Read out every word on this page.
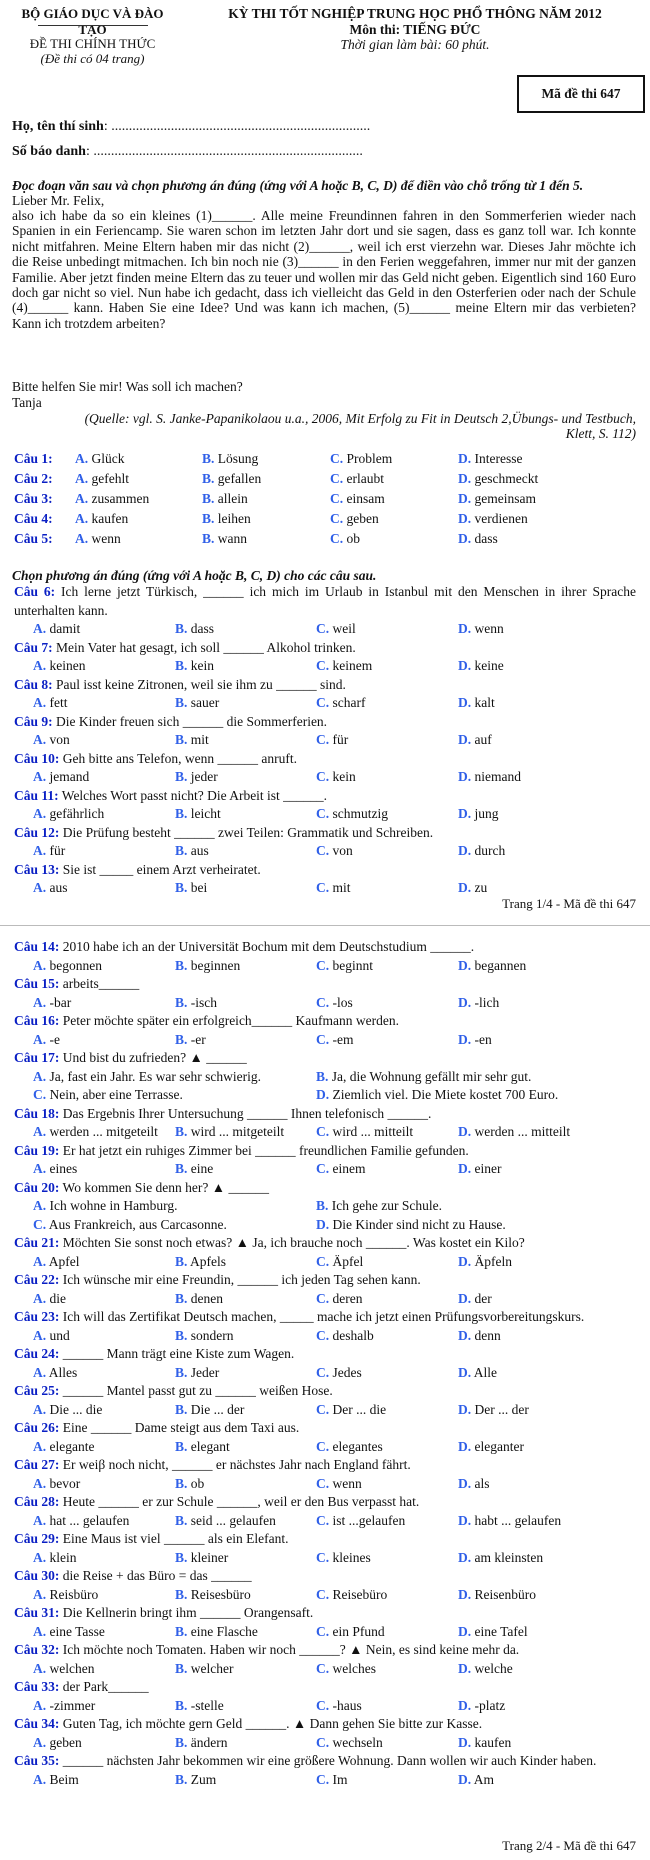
BỘ GIÁO DỤC VÀ ĐÀO TẠO
ĐỀ THI CHÍNH THỨC
(Đề thi có 04 trang)
KỲ THI TỐT NGHIỆP TRUNG HỌC PHỔ THÔNG NĂM 2012
Môn thi: TIẾNG ĐỨC
Thời gian làm bài: 60 phút.
Mã đề thi 647
Họ, tên thí sinh: ..........................................................................
Số báo danh: .............................................................................
Đọc đoạn văn sau và chọn phương án đúng (ứng với A hoặc B, C, D) để điền vào chỗ trống từ 1 đến 5.
Lieber Mr. Felix,
also ich habe da so ein kleines (1)______. Alle meine Freundinnen fahren in den Sommerferien wieder nach Spanien in ein Feriencamp. Sie waren schon im letzten Jahr dort und sie sagen, dass es ganz toll war. Ich konnte nicht mitfahren. Meine Eltern haben mir das nicht (2)______, weil ich erst vierzehn war. Dieses Jahr möchte ich die Reise unbedingt mitmachen. Ich bin noch nie (3)______ in den Ferien weggefahren, immer nur mit der ganzen Familie. Aber jetzt finden meine Eltern das zu teuer und wollen mir das Geld nicht geben. Eigentlich sind 160 Euro doch gar nicht so viel. Nun habe ich gedacht, dass ich vielleicht das Geld in den Osterferien oder nach der Schule (4)______ kann. Haben Sie eine Idee? Und was kann ich machen, (5)______ meine Eltern mir das verbieten? Kann ich trotzdem arbeiten?
Bitte helfen Sie mir! Was soll ich machen?
Tanja
(Quelle: vgl. S. Janke-Papanikolaou u.a., 2006, Mit Erfolg zu Fit in Deutsch 2,Übungs- und Testbuch, Klett, S. 112)
Câu 1: A. Glück	B. Lösung	C. Problem	D. Interesse
Câu 2: A. gefehlt	B. gefallen	C. erlaubt	D. geschmeckt
Câu 3: A. zusammen	B. allein	C. einsam	D. gemeinsam
Câu 4: A. kaufen	B. leihen	C. geben	D. verdienen
Câu 5: A. wenn	B. wann	C. ob	D. dass
Chọn phương án đúng (ứng với A hoặc B, C, D) cho các câu sau.
Câu 6: Ich lerne jetzt Türkisch, ______ ich mich im Urlaub in Istanbul mit den Menschen in ihrer Sprache unterhalten kann.
A. damit	B. dass	C. weil	D. wenn
Câu 7: Mein Vater hat gesagt, ich soll ______ Alkohol trinken.
A. keinen	B. kein	C. keinem	D. keine
Câu 8: Paul isst keine Zitronen, weil sie ihm zu ______ sind.
A. fett	B. sauer	C. scharf	D. kalt
Câu 9: Die Kinder freuen sich ______ die Sommerferien.
A. von	B. mit	C. für	D. auf
Câu 10: Geh bitte ans Telefon, wenn ______ anruft.
A. jemand	B. jeder	C. kein	D. niemand
Câu 11: Welches Wort passt nicht? Die Arbeit ist ______.
A. gefährlich	B. leicht	C. schmutzig	D. jung
Câu 12: Die Prüfung besteht ______ zwei Teilen: Grammatik und Schreiben.
A. für	B. aus	C. von	D. durch
Câu 13: Sie ist _____ einem Arzt verheiratet.
A. aus	B. bei	C. mit	D. zu
Trang 1/4 - Mã đề thi 647
Câu 14: 2010 habe ich an der Universität Bochum mit dem Deutschstudium ______.
A. begonnen	B. beginnen	C. beginnt	D. begannen
Câu 15: arbeits______
A. -bar	B. -isch	C. -los	D. -lich
Câu 16: Peter möchte später ein erfolgreich______ Kaufmann werden.
A. -e	B. -er	C. -em	D. -en
Câu 17: Und bist du zufrieden? ▲ ______
A. Ja, fast ein Jahr. Es war sehr schwierig.	B. Ja, die Wohnung gefällt mir sehr gut.
C. Nein, aber eine Terrasse.	D. Ziemlich viel. Die Miete kostet 700 Euro.
Câu 18: Das Ergebnis Ihrer Untersuchung ______ Ihnen telefonisch ______.
A. werden ... mitgeteilt B. wird ... mitgeteilt C. wird ... mitteilt	D. werden ... mitteilt
Câu 19: Er hat jetzt ein ruhiges Zimmer bei ______ freundlichen Familie gefunden.
A. eines	B. eine	C. einem	D. einer
Câu 20: Wo kommen Sie denn her? ▲ ______
A. Ich wohne in Hamburg.	B. Ich gehe zur Schule.
C. Aus Frankreich, aus Carcasonne.	D. Die Kinder sind nicht zu Hause.
Câu 21: Möchten Sie sonst noch etwas? ▲ Ja, ich brauche noch ______. Was kostet ein Kilo?
A. Apfel	B. Apfels	C. Äpfel	D. Äpfeln
Câu 22: Ich wünsche mir eine Freundin, ______ ich jeden Tag sehen kann.
A. die	B. denen	C. deren	D. der
Câu 23: Ich will das Zertifikat Deutsch machen, _____ mache ich jetzt einen Prüfungsvorbereitungskurs.
A. und	B. sondern	C. deshalb	D. denn
Câu 24: ______ Mann trägt eine Kiste zum Wagen.
A. Alles	B. Jeder	C. Jedes	D. Alle
Câu 25: ______ Mantel passt gut zu ______ weißen Hose.
A. Die ... die	B. Die ... der	C. Der ... die	D. Der ... der
Câu 26: Eine ______ Dame steigt aus dem Taxi aus.
A. elegante	B. elegant	C. elegantes	D. eleganter
Câu 27: Er weiβ noch nicht, ______ er nächstes Jahr nach England fährt.
A. bevor	B. ob	C. wenn	D. als
Câu 28: Heute ______ er zur Schule ______, weil er den Bus verpasst hat.
A. hat ... gelaufen	B. seid ... gelaufen	C. ist ...gelaufen	D. habt ... gelaufen
Câu 29: Eine Maus ist viel ______ als ein Elefant.
A. klein	B. kleiner	C. kleines	D. am kleinsten
Câu 30: die Reise + das Büro = das ______
A. Reisbüro	B. Reisesbüro	C. Reisebüro	D. Reisenbüro
Câu 31: Die Kellnerin bringt ihm ______ Orangensaft.
A. eine Tasse	B. eine Flasche	C. ein Pfund	D. eine Tafel
Câu 32: Ich möchte noch Tomaten. Haben wir noch ______? ▲ Nein, es sind keine mehr da.
A. welchen	B. welcher	C. welches	D. welche
Câu 33: der Park______
A. -zimmer	B. -stelle	C. -haus	D. -platz
Câu 34: Guten Tag, ich möchte gern Geld ______. ▲ Dann gehen Sie bitte zur Kasse.
A. geben	B. ändern	C. wechseln	D. kaufen
Câu 35: ______ nächsten Jahr bekommen wir eine größere Wohnung. Dann wollen wir auch Kinder haben.
A. Beim	B. Zum	C. Im	D. Am
Trang 2/4 - Mã đề thi 647
